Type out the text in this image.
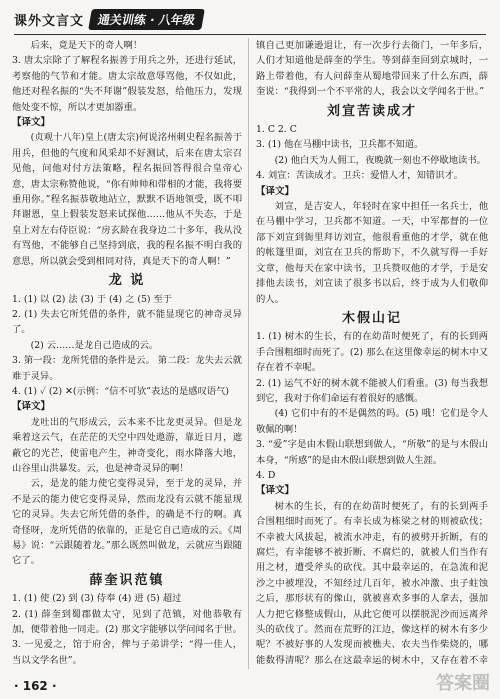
课外文言文	通关训练 · 八年级

后来，竟是天下的奇人啊！

3. 唐太宗除了了解程名振善于用兵之外，还进行延试，考察他的气节和才能。唐太宗故意辱骂他，不仅如此，他还对程名振的“失不拜谢”假装发怒，给他压力，发现他处变不惊，所以才更加器重。

【译文】

(贞观十八年)皇上(唐太宗)何说洺州刺史程名振善于用兵，但他的气度和风采却不好测试，后来在唐太宗召见他，问他对付方法策略，程名振回答得很合皇帝心意，唐太宗称赞他说，“你有帅帅和带相的才能，我将要重用你。”程名振恭敬地站立，默默不语地领受，既不叩拜谢恩，皇上假装发怒来试探他……他从不失态，于是皇上对左右侍臣说：“房玄龄在我身边二十多年，我从没有骂他，不能够自己坚持到底，我的程名振不明白我的意思，所以就会受到相同对待，真是天下的奇人啊！”

龙 说

1. (1) 以 (2) 法 (3) 于 (4) 之 (5) 至于

2. (1) 失去它所凭借的条件，就不能显现它的神奇灵异了。

(2) 云……是龙自己造成的云。

3. 第一段：龙所凭借的条件是云。 第二段：龙失去云就难于灵异。

4. (1) ✓ (2) ✕(示例：“信不可欤”表达的是感叹语气)

【译文】

龙吐出的气形成云，云本来不比龙更灵异。但是龙乘着这云气，在茫茫的天空中四处遨游，靠近日月，遮蔽它的光芒，使雷电产生，神奇变化，雨水降落大地，山谷里山洪暴发。云，也是神奇灵异的啊！

云，是龙的能力使它变得灵异，至于龙的灵异，并不是云的能力使它变得灵异，然而龙没有云就不能显现它的灵异。失去它所凭借的条件，的确是不行的啊。真奇怪呀，龙所凭借的依靠的，正是它自己造成的云。《周易》说：“云跟随着龙。”那么既然叫做龙，云就应当跟随它了。

薛奎识范镇

1. (1) 使 (2) 到 (3) 侍奉 (4) 进 (5) 超过

2. (1) 薛奎到蜀郡做太守，见到了范镇，对他恭敬有加，便带着他一同走。(2) 那文字能够以学问闻名于世。

3. 一见爱之，馆于府舍，俾与子弟讲学；“得一佳人，当以文学名世”。

镇自己更加谦逊退让，有一次步行去衙门，一年多后，人们才知道他是薛奎的学生。等到薛奎回到京城时，一路上带着他，有人问薛奎从蜀地带回来了什么东西，薛奎说：“我得到一个不平常的人，我会以文学闻名于世。”

刘宣苦读成才

1. C 2. C

3. (1) 他在马棚中读书，卫兵都不知道。

(2) 他白天为人佣工，夜晚就一刻也不停歇地读书。

4. 刘宣：苦读成才。卫兵：爱惜人才，知错识才。

【译文】

刘宣，是吉安人，年轻时在家中担任一名兵士，他在马棚中学习，卫兵都不知道。一天，中军都督的一位部下刘宣到衙里拜访刘宣，他很看重他的才学，就在他的帐篷里面，刘宣在卫兵的帮助下，不久就写得一手好文章，他每天在家中读书，卫兵赞叹他的才学，于是安排他去读书，刘宣读了很多书以后，终于成为人们敬仰的人。

木假山记

1. (1) 树木的生长，有的在幼苗时便死了，有的长到两手合围粗细时而死了。(2) 那么在这里像幸运的树木中又存在着不幸呢。

2. (1) 运气不好的树木就不能被人们看重。(3) 每当我想到它，我对于你们命运有着很好的感慨。

(4) 它们中有的不是偶然的吗。(5) 哦！它们是令人敬佩的啊！

3. “爱”字是由木假山联想到做人，“所敬”的是与木假山本身，“所感”的是由木假山联想到做人生涯。

4. D

【译文】

树木的生长，有的在幼苗时便死了，有的长到两手合围粗细时而死了。有幸长成为栋梁之材的则被砍伐；不幸被大风拔起，被流水冲走，有的被劈开折断，有的腐烂，有幸能够不被折断、不腐烂的，就被人们当作有用之材，遭受斧头的砍伐。其中最幸运的，在急流和泥沙之中被埋没，不知经过几百年，被水冲激、虫子蛀蚀之后，那形状有的像山，就被喜欢多事的人拿去，强加人力把它修整成假山，从此它便可以摆脱泥沙而远离斧头的砍伐了。然而在荒野的江边，像这样的树木有多少呢？不被好事的人发现而被樵夫、农夫当作柴烧的，哪能数得清呢？那么在这最幸运的树木中，又存在着不幸

· 162 ·	答案圈
